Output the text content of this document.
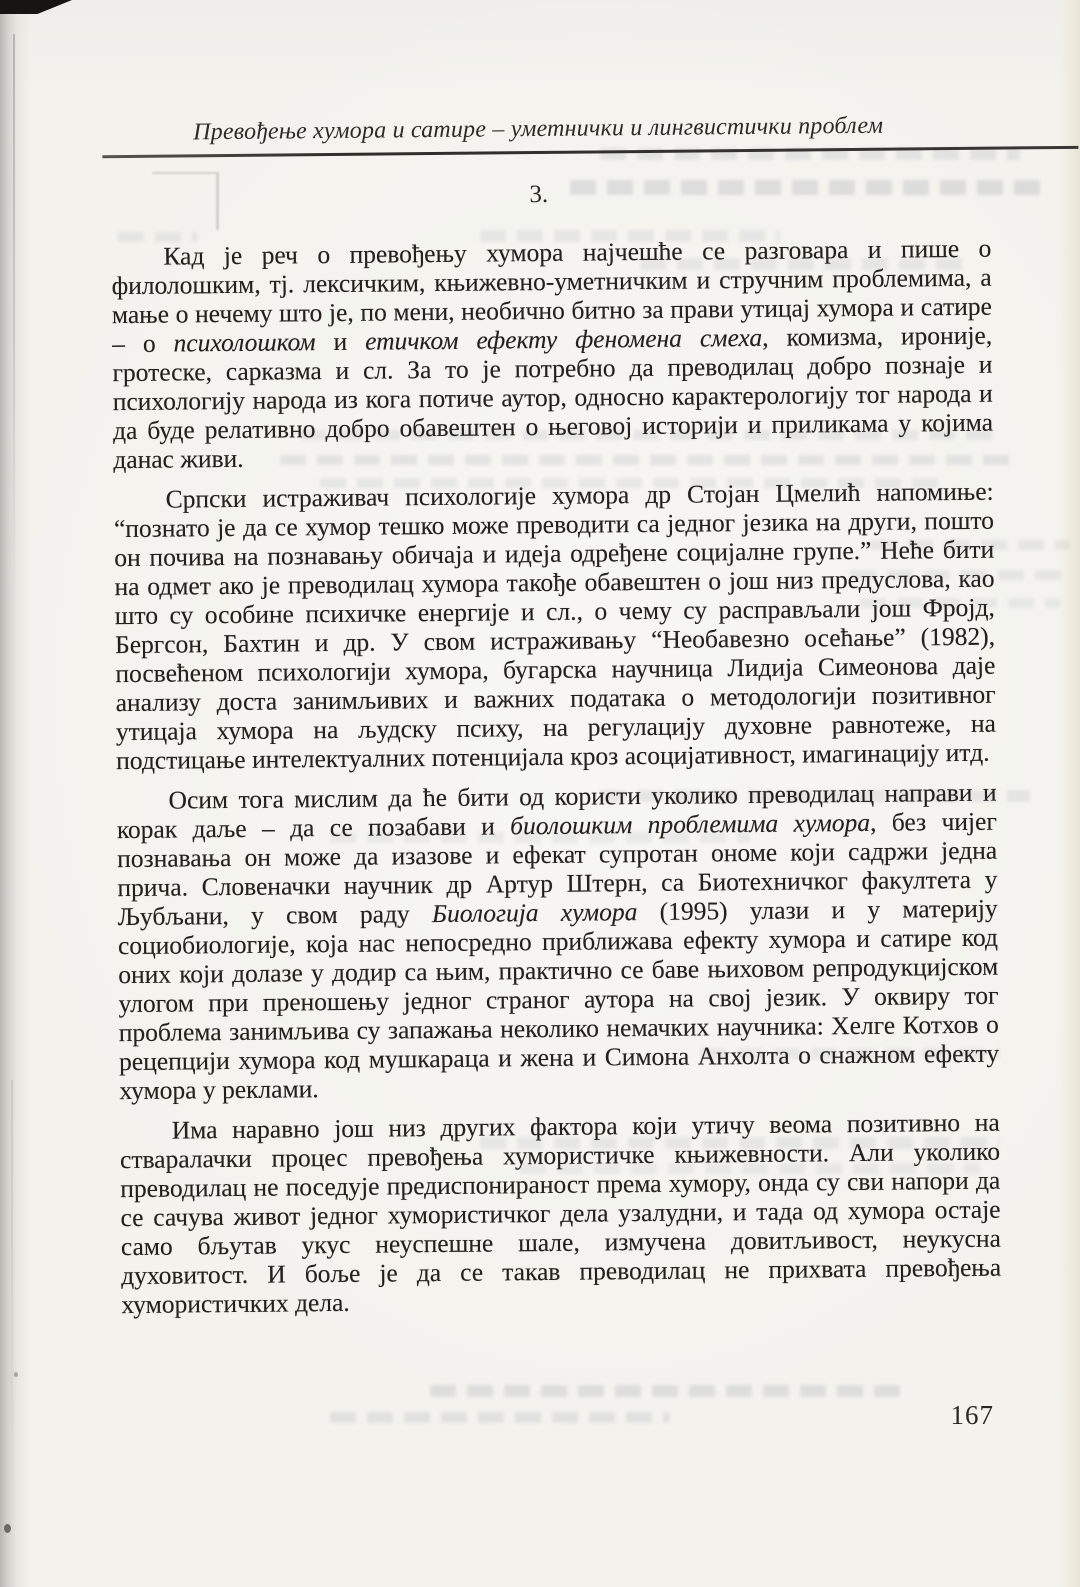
Превођење хумора и сатире – уметнички и лингвистички проблем
3.

Кад је реч о превођењу хумора најчешће се разговара и пише о филолошким, тј. лексичким, књижевно-уметничким и стручним проблемима, а мање о нечему што је, по мени, необично битно за прави утицај хумора и сатире – о психолошком и етичком ефекту феномена смеха, комизма, ироније, гротеске, сарказма и сл. За то је потребно да преводилац добро познаје и психологију народа из кога потиче аутор, односно карактерологију тог народа и да буде релативно добро обавештен о његовој историји и приликама у којима данас живи.

Српски истраживач психологије хумора др Стојан Цмелић напомиње: “познато је да се хумор тешко може преводити са једног језика на други, пошто он почива на познавању обичаја и идеја одређене социјалне групе.” Неће бити на одмет ако је преводилац хумора такође обавештен о још низ предуслова, као што су особине психичке енергије и сл., о чему су расправљали још Фројд, Бергсон, Бахтин и др. У свом истраживању “Необавезно осећање” (1982), посвећеном психологији хумора, бугарска научница Лидија Симеонова даје анализу доста занимљивих и важних података о методологији позитивног утицаја хумора на људску психу, на регулацију духовне равнотеже, на подстицање интелектуалних потенцијала кроз асоцијативност, имагинацију итд.

Осим тога мислим да ће бити од користи уколико преводилац направи и корак даље – да се позабави и биолошким проблемима хумора, без чијег познавања он може да изазове и ефекат супротан ономе који садржи једна прича. Словеначки научник др Артур Штерн, са Биотехничког факултета у Љубљани, у свом раду Биологија хумора (1995) улази и у материју социобиологије, која нас непосредно приближава ефекту хумора и сатире код оних који долазе у додир са њим, практично се баве њиховом репродукцијском улогом при преношењу једног страног аутора на свој језик. У оквиру тог проблема занимљива су запажања неколико немачких научника: Хелге Котхов о рецепцији хумора код мушкараца и жена и Симона Анхолта о снажном ефекту хумора у реклами.

Има наравно још низ других фактора који утичу веома позитивно на стваралачки процес превођења хумористичке књижевности. Али уколико преводилац не поседује предиспонираност према хумору, онда су сви напори да се сачува живот једног хумористичког дела узалудни, и тада од хумора остаје само бљутав укус неуспешне шале, измучена довитљивост, неукусна духовитост. И боље је да се такав преводилац не прихвата превођења хумористичких дела.

167
